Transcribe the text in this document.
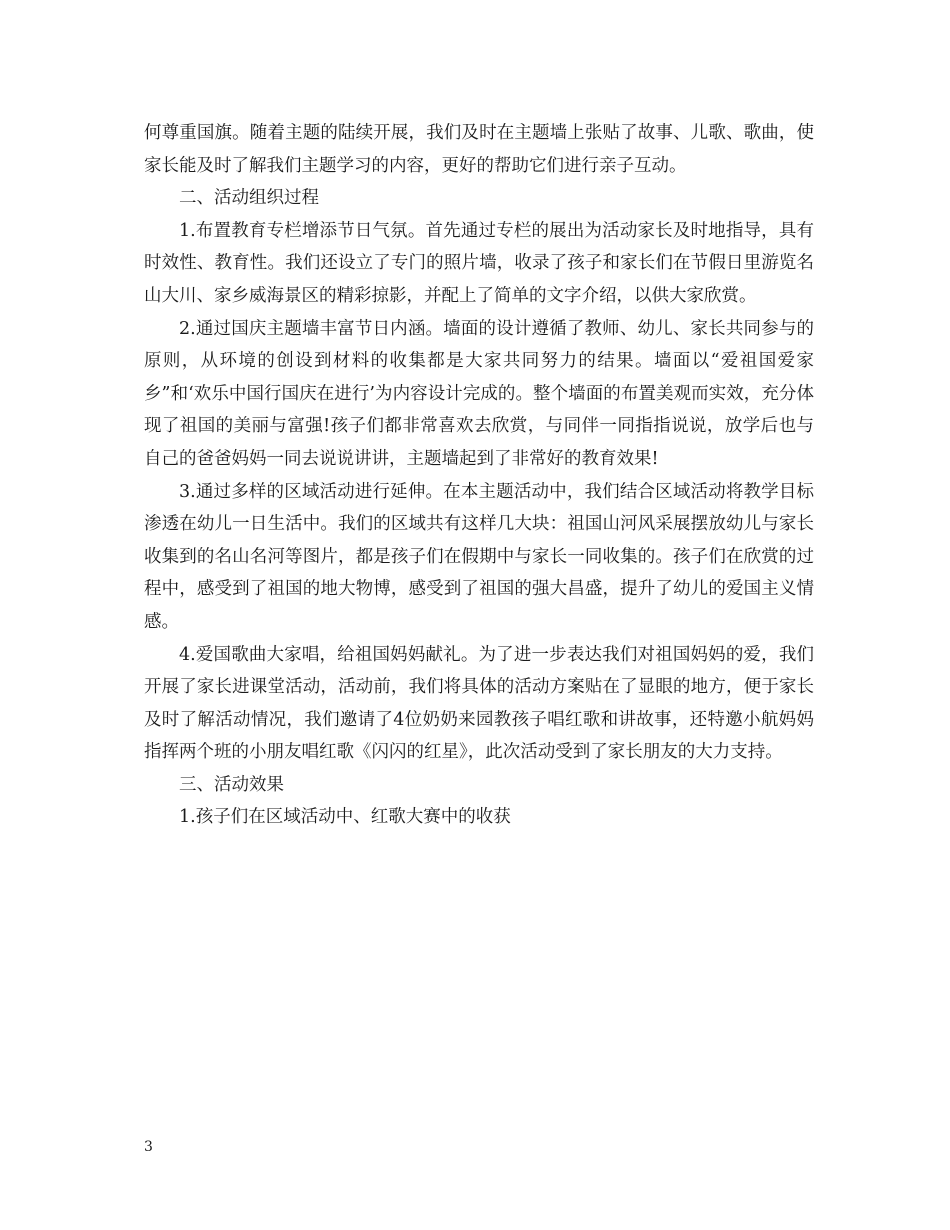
何尊重国旗。随着主题的陆续开展，我们及时在主题墙上张贴了故事、儿歌、歌曲，使家长能及时了解我们主题学习的内容，更好的帮助它们进行亲子互动。

二、活动组织过程

1.布置教育专栏增添节日气氛。首先通过专栏的展出为活动家长及时地指导，具有时效性、教育性。我们还设立了专门的照片墙，收录了孩子和家长们在节假日里游览名山大川、家乡威海景区的精彩掠影，并配上了简单的文字介绍，以供大家欣赏。

2.通过国庆主题墙丰富节日内涵。墙面的设计遵循了教师、幼儿、家长共同参与的原则，从环境的创设到材料的收集都是大家共同努力的结果。墙面以“爱祖国爱家乡”和‘欢乐中国行国庆在进行’为内容设计完成的。整个墙面的布置美观而实效，充分体现了祖国的美丽与富强!孩子们都非常喜欢去欣赏，与同伴一同指指说说，放学后也与自己的爸爸妈妈一同去说说讲讲，主题墙起到了非常好的教育效果!

3.通过多样的区域活动进行延伸。在本主题活动中，我们结合区域活动将教学目标渗透在幼儿一日生活中。我们的区域共有这样几大块：祖国山河风采展摆放幼儿与家长收集到的名山名河等图片，都是孩子们在假期中与家长一同收集的。孩子们在欣赏的过程中，感受到了祖国的地大物博，感受到了祖国的强大昌盛，提升了幼儿的爱国主义情感。

4.爱国歌曲大家唱，给祖国妈妈献礼。为了进一步表达我们对祖国妈妈的爱，我们开展了家长进课堂活动，活动前，我们将具体的活动方案贴在了显眼的地方，便于家长及时了解活动情况，我们邀请了4位奶奶来园教孩子唱红歌和讲故事，还特邀小航妈妈指挥两个班的小朋友唱红歌《闪闪的红星》，此次活动受到了家长朋友的大力支持。

三、活动效果

1.孩子们在区域活动中、红歌大赛中的收获

3
